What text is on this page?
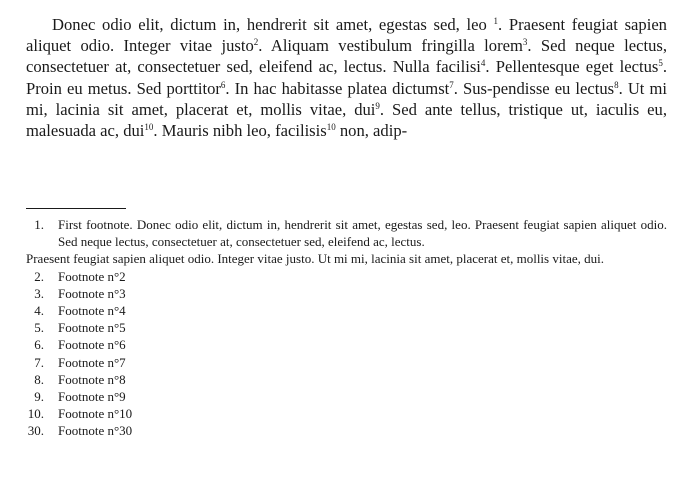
Donec odio elit, dictum in, hendrerit sit amet, egestas sed, leo $^1$. Praesent feugiat sapien aliquet odio. Integer vitae justo$^2$. Aliquam vestibulum fringilla lorem$^3$. Sed neque lectus, consectetuer at, consectetuer sed, eleifend ac, lectus. Nulla facilisi$^4$. Pellentesque eget lectus$^5$. Proin eu metus. Sed porttitor$^6$. In hac habitasse platea dictumst$^7$. Sus-pendisse eu lectus$^8$. Ut mi mi, lacinia sit amet, placerat et, mollis vitae, dui$^9$. Sed ante tellus, tristique ut, iaculis eu, malesuada ac, dui$^{10}$. Mauris nibh leo, facilisis$^{10}$ non, adip-

1. First footnote. Donec odio elit, dictum in, hendrerit sit amet, egestas sed, leo. Praesent feugiat sapien aliquet odio. Sed neque lectus, consectetuer at, consectetuer sed, eleifend ac, lectus.

Praesent feugiat sapien aliquet odio. Integer vitae justo. Ut mi mi, lacinia sit amet, placerat et, mollis vitae, dui.

2. Footnote n°2
3. Footnote n°3
4. Footnote n°4
5. Footnote n°5
6. Footnote n°6
7. Footnote n°7
8. Footnote n°8
9. Footnote n°9
10. Footnote n°10
30. Footnote n°30
